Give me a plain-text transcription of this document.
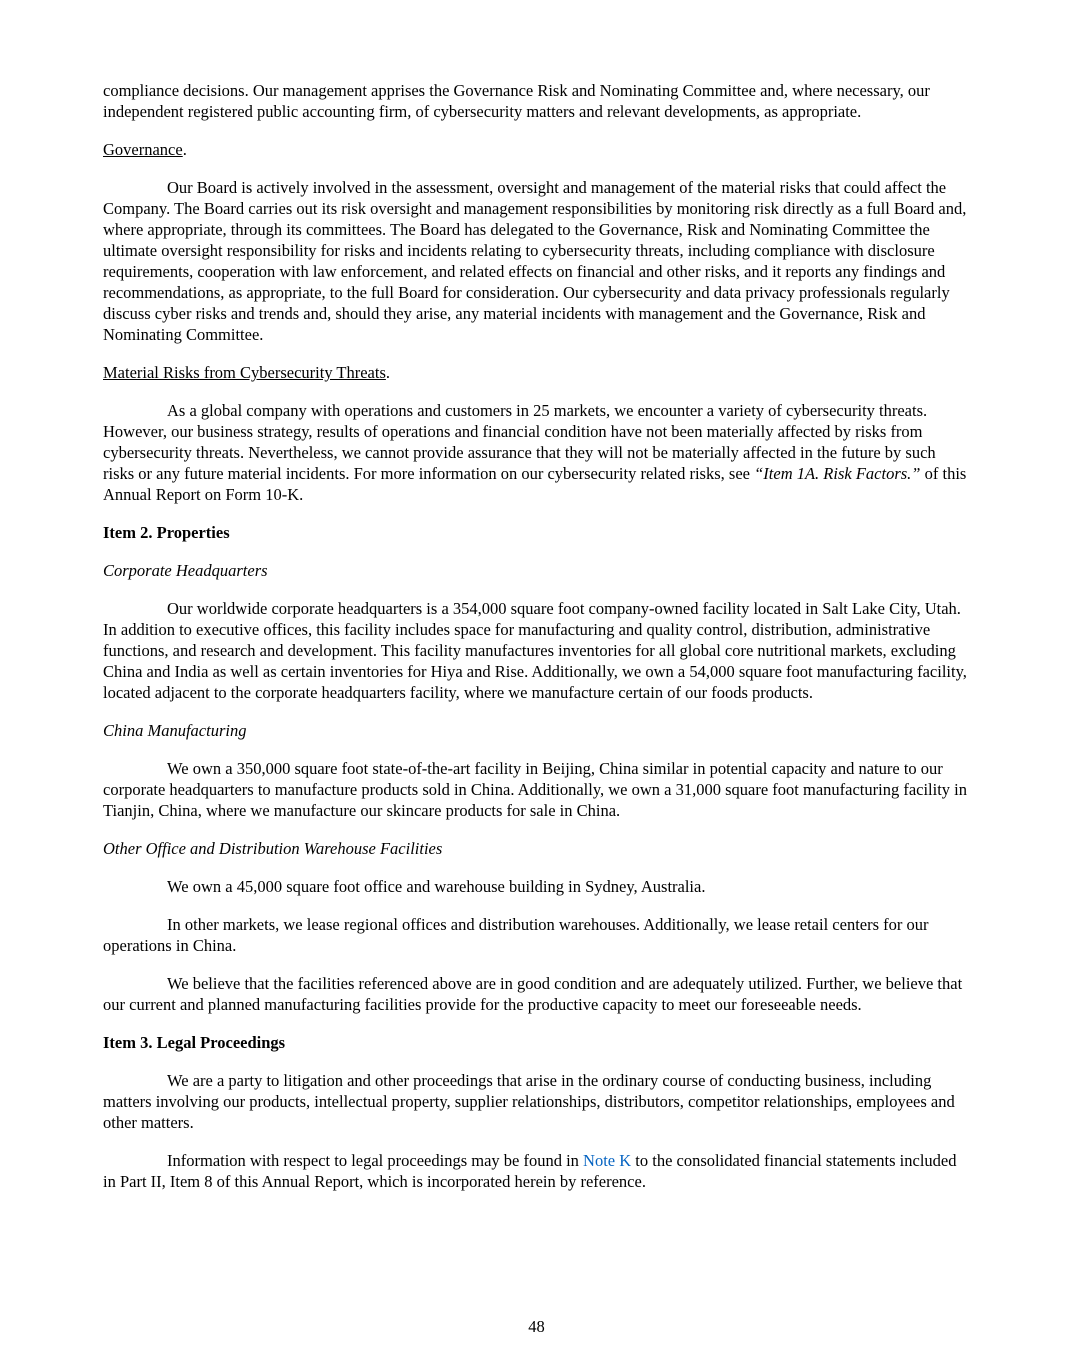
compliance decisions. Our management apprises the Governance Risk and Nominating Committee and, where necessary, our independent registered public accounting firm, of cybersecurity matters and relevant developments, as appropriate.

Governance.

Our Board is actively involved in the assessment, oversight and management of the material risks that could affect the Company. The Board carries out its risk oversight and management responsibilities by monitoring risk directly as a full Board and, where appropriate, through its committees. The Board has delegated to the Governance, Risk and Nominating Committee the ultimate oversight responsibility for risks and incidents relating to cybersecurity threats, including compliance with disclosure requirements, cooperation with law enforcement, and related effects on financial and other risks, and it reports any findings and recommendations, as appropriate, to the full Board for consideration. Our cybersecurity and data privacy professionals regularly discuss cyber risks and trends and, should they arise, any material incidents with management and the Governance, Risk and Nominating Committee.

Material Risks from Cybersecurity Threats.

As a global company with operations and customers in 25 markets, we encounter a variety of cybersecurity threats. However, our business strategy, results of operations and financial condition have not been materially affected by risks from cybersecurity threats. Nevertheless, we cannot provide assurance that they will not be materially affected in the future by such risks or any future material incidents. For more information on our cybersecurity related risks, see “Item 1A. Risk Factors.” of this Annual Report on Form 10-K.

Item 2. Properties

Corporate Headquarters

Our worldwide corporate headquarters is a 354,000 square foot company-owned facility located in Salt Lake City, Utah. In addition to executive offices, this facility includes space for manufacturing and quality control, distribution, administrative functions, and research and development. This facility manufactures inventories for all global core nutritional markets, excluding China and India as well as certain inventories for Hiya and Rise. Additionally, we own a 54,000 square foot manufacturing facility, located adjacent to the corporate headquarters facility, where we manufacture certain of our foods products.

China Manufacturing

We own a 350,000 square foot state-of-the-art facility in Beijing, China similar in potential capacity and nature to our corporate headquarters to manufacture products sold in China. Additionally, we own a 31,000 square foot manufacturing facility in Tianjin, China, where we manufacture our skincare products for sale in China.

Other Office and Distribution Warehouse Facilities

We own a 45,000 square foot office and warehouse building in Sydney, Australia.

In other markets, we lease regional offices and distribution warehouses. Additionally, we lease retail centers for our operations in China.

We believe that the facilities referenced above are in good condition and are adequately utilized. Further, we believe that our current and planned manufacturing facilities provide for the productive capacity to meet our foreseeable needs.

Item 3. Legal Proceedings

We are a party to litigation and other proceedings that arise in the ordinary course of conducting business, including matters involving our products, intellectual property, supplier relationships, distributors, competitor relationships, employees and other matters.

Information with respect to legal proceedings may be found in Note K to the consolidated financial statements included in Part II, Item 8 of this Annual Report, which is incorporated herein by reference.

48
